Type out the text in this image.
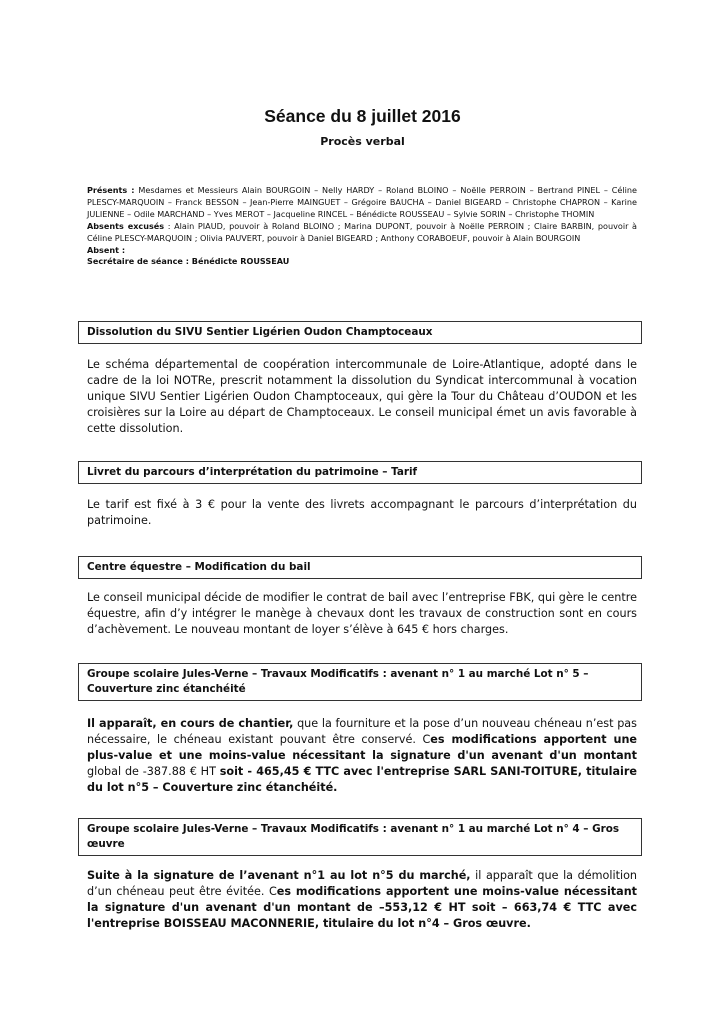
Séance du 8 juillet 2016
Procès verbal

Présents : Mesdames et Messieurs Alain BOURGOIN – Nelly HARDY – Roland BLOINO – Noëlle PERROIN – Bertrand PINEL – Céline PLESCY-MARQUOIN – Franck BESSON – Jean-Pierre MAINGUET – Grégoire BAUCHA – Daniel BIGEARD – Christophe CHAPRON – Karine JULIENNE – Odile MARCHAND – Yves MEROT – Jacqueline RINCEL – Bénédicte ROUSSEAU – Sylvie SORIN – Christophe THOMIN

Absents excusés : Alain PIAUD, pouvoir à Roland BLOINO ; Marina DUPONT, pouvoir à Noëlle PERROIN ; Claire BARBIN, pouvoir à Céline PLESCY-MARQUOIN ; Olivia PAUVERT, pouvoir à Daniel BIGEARD ; Anthony CORABOEUF, pouvoir à Alain BOURGOIN

Absent :

Secrétaire de séance : Bénédicte ROUSSEAU

Dissolution du SIVU Sentier Ligérien Oudon Champtoceaux

Le schéma départemental de coopération intercommunale de Loire-Atlantique, adopté dans le cadre de la loi NOTRe, prescrit notamment la dissolution du Syndicat intercommunal à vocation unique SIVU Sentier Ligérien Oudon Champtoceaux, qui gère la Tour du Château d’OUDON et les croisières sur la Loire au départ de Champtoceaux. Le conseil municipal émet un avis favorable à cette dissolution.

Livret du parcours d’interprétation du patrimoine – Tarif

Le tarif est fixé à 3 € pour la vente des livrets accompagnant le parcours d’interprétation du patrimoine.

Centre équestre – Modification du bail

Le conseil municipal décide de modifier le contrat de bail avec l’entreprise FBK, qui gère le centre équestre, afin d’y intégrer le manège à chevaux dont les travaux de construction sont en cours d’achèvement. Le nouveau montant de loyer s’élève à 645 € hors charges.

Groupe scolaire Jules-Verne – Travaux Modificatifs : avenant n° 1 au marché Lot n° 5 – Couverture zinc étanchéité

Il apparaît, en cours de chantier, que la fourniture et la pose d’un nouveau chéneau n’est pas nécessaire, le chéneau existant pouvant être conservé. Ces modifications apportent une plus-value et une moins-value nécessitant la signature d'un avenant d'un montant global de -387.88 € HT soit - 465,45 € TTC avec l'entreprise SARL SANI-TOITURE, titulaire du lot n°5 – Couverture zinc étanchéité.

Groupe scolaire Jules-Verne – Travaux Modificatifs : avenant n° 1 au marché Lot n° 4 – Gros œuvre

Suite à la signature de l’avenant n°1 au lot n°5 du marché, il apparaît que la démolition d’un chéneau peut être évitée. Ces modifications apportent une moins-value nécessitant la signature d'un avenant d'un montant de –553,12 € HT soit – 663,74 € TTC avec l'entreprise BOISSEAU MACONNERIE, titulaire du lot n°4 – Gros œuvre.
